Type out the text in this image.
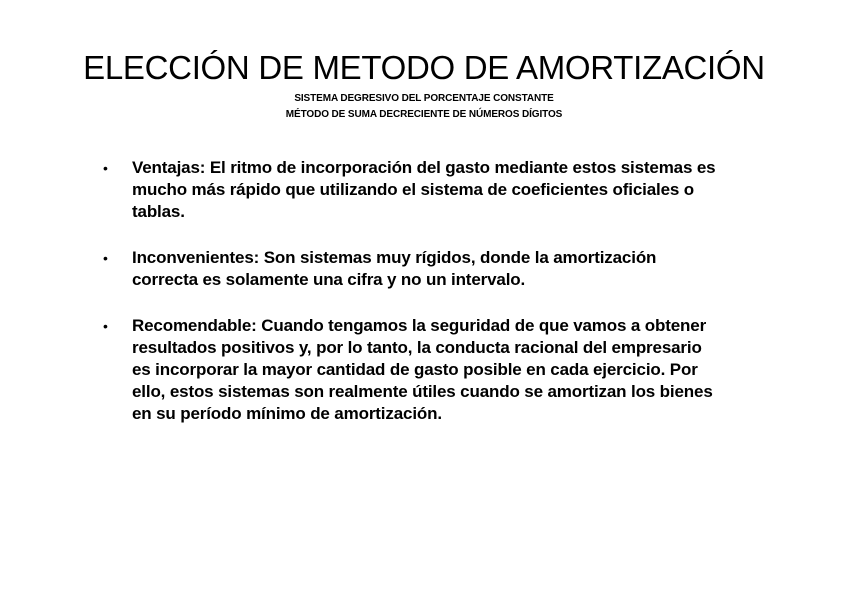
ELECCIÓN DE METODO DE AMORTIZACIÓN
SISTEMA DEGRESIVO DEL PORCENTAJE CONSTANTE
MÉTODO DE SUMA DECRECIENTE DE NÚMEROS DÍGITOS
•	Ventajas: El ritmo de incorporación del gasto mediante estos sistemas es mucho más rápido que utilizando el sistema de coeficientes oficiales o tablas.
•	Inconvenientes: Son sistemas muy rígidos, donde la amortización correcta es solamente una cifra y no un intervalo.
•	Recomendable: Cuando tengamos la seguridad de que vamos a obtener resultados positivos y, por lo tanto, la conducta racional del empresario es incorporar la mayor cantidad de gasto posible en cada ejercicio. Por ello, estos sistemas son realmente útiles cuando se amortizan los bienes en su período mínimo de amortización.
